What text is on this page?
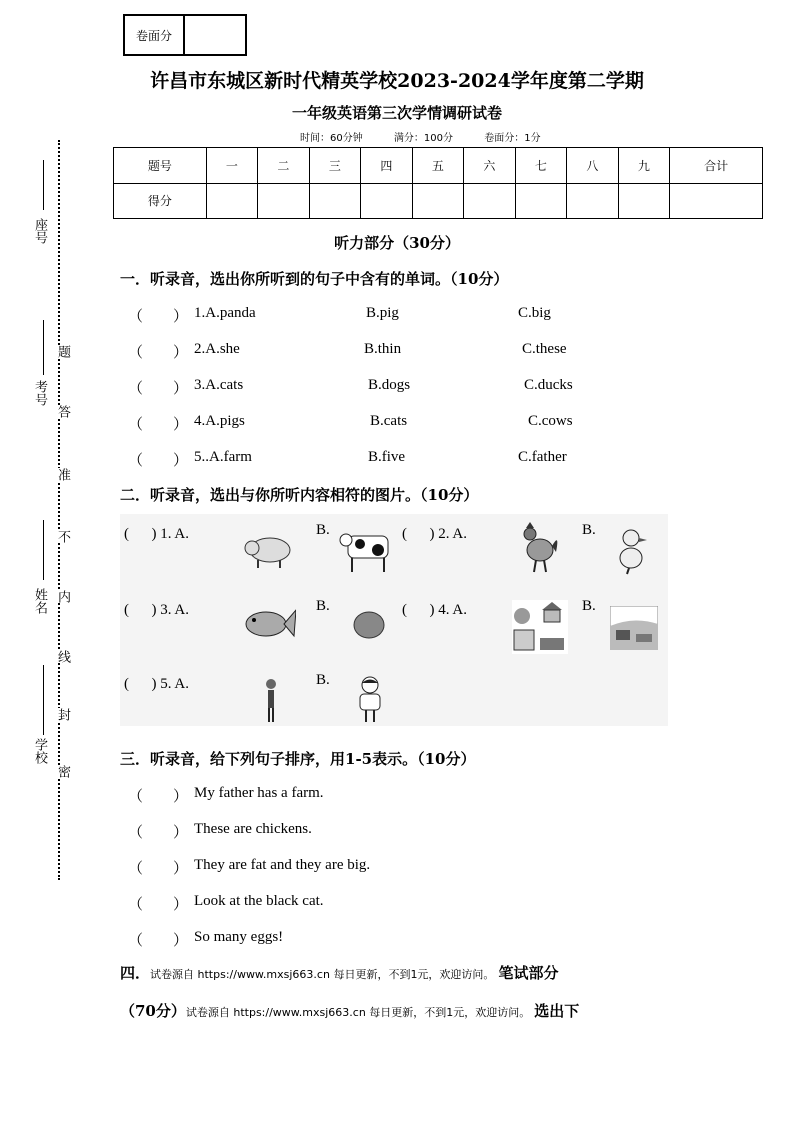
卷面分
许昌市东城区新时代精英学校2023-2024学年度第二学期
一年级英语第三次学情调研试卷
时间：60分钟	满分：100分	卷面分：1分
题号	一	二	三	四	五	六	七	八	九	合计
得分										
座号
考号
姓名
学校
题
答
准
不
内
线
封
密
听力部分（30分）
一．听录音，选出你所听到的句子中含有的单词。（10分）
（　　） 1.A.panda	B.pig	C.big
（　　） 2.A.she	B.thin	C.these
（　　） 3.A.cats	B.dogs	C.ducks
（　　） 4.A.pigs	B.cats	C.cows
（　　） 5..A.farm	B.five	C.father
二．听录音，选出与你所听内容相符的图片。（10分）
( 　 ) 1. A.	B.	( 　 ) 2. A.	B.
( 　 ) 3. A.	B.	( 　 ) 4. A.	B.
( 　 ) 5. A.	B.
三．听录音，给下列句子排序，用1-5表示。（10分）
（　　） My father has a farm.
（　　） These are chickens.
（　　） They are fat and they are big.
（　　） Look at the black cat.
（　　） So many eggs!
四．试卷源自 https://www.mxsj663.cn 每日更新，不到1元，欢迎访问。 笔试部分
（70分）试卷源自 https://www.mxsj663.cn 每日更新，不到1元，欢迎访问。 选出下
